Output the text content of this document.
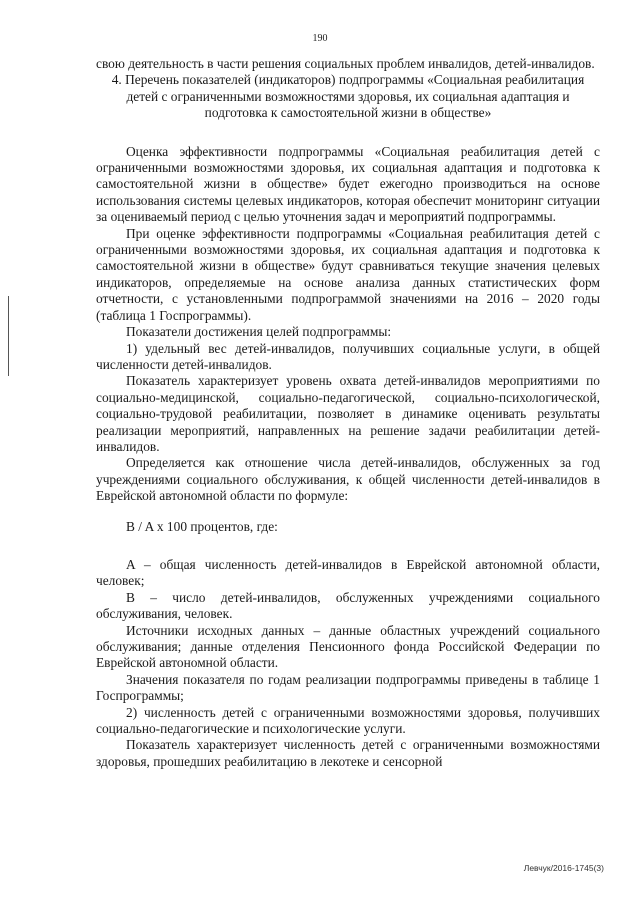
190

свою деятельность в части решения социальных проблем инвалидов, детей-инвалидов.

4. Перечень показателей (индикаторов) подпрограммы «Социальная реабилитация детей с ограниченными возможностями здоровья, их социальная адаптация и подготовка к самостоятельной жизни в обществе»

Оценка эффективности подпрограммы «Социальная реабилитация детей с ограниченными возможностями здоровья, их социальная адаптация и подготовка к самостоятельной жизни в обществе» будет ежегодно производиться на основе использования системы целевых индикаторов, которая обеспечит мониторинг ситуации за оцениваемый период с целью уточнения задач и мероприятий подпрограммы.

При оценке эффективности подпрограммы «Социальная реабилитация детей с ограниченными возможностями здоровья, их социальная адаптация и подготовка к самостоятельной жизни в обществе» будут сравниваться текущие значения целевых индикаторов, определяемые на основе анализа данных статистических форм отчетности, с установленными подпрограммой значениями на 2016 – 2020 годы (таблица 1 Госпрограммы).

Показатели достижения целей подпрограммы:

1) удельный вес детей-инвалидов, получивших социальные услуги, в общей численности детей-инвалидов.

Показатель характеризует уровень охвата детей-инвалидов мероприятиями по социально-медицинской, социально-педагогической, социально-психологической, социально-трудовой реабилитации, позволяет в динамике оценивать результаты реализации мероприятий, направленных на решение задачи реабилитации детей-инвалидов.

Определяется как отношение числа детей-инвалидов, обслуженных за год учреждениями социального обслуживания, к общей численности детей-инвалидов в Еврейской автономной области по формуле:

B / A x 100 процентов, где:

A – общая численность детей-инвалидов в Еврейской автономной области, человек;

B – число детей-инвалидов, обслуженных учреждениями социального обслуживания, человек.

Источники исходных данных – данные областных учреждений социального обслуживания; данные отделения Пенсионного фонда Российской Федерации по Еврейской автономной области.

Значения показателя по годам реализации подпрограммы приведены в таблице 1 Госпрограммы;

2) численность детей с ограниченными возможностями здоровья, получивших социально-педагогические и психологические услуги.

Показатель характеризует численность детей с ограниченными возможностями здоровья, прошедших реабилитацию в лекотеке и сенсорной

Левчук/2016-1745(3)
